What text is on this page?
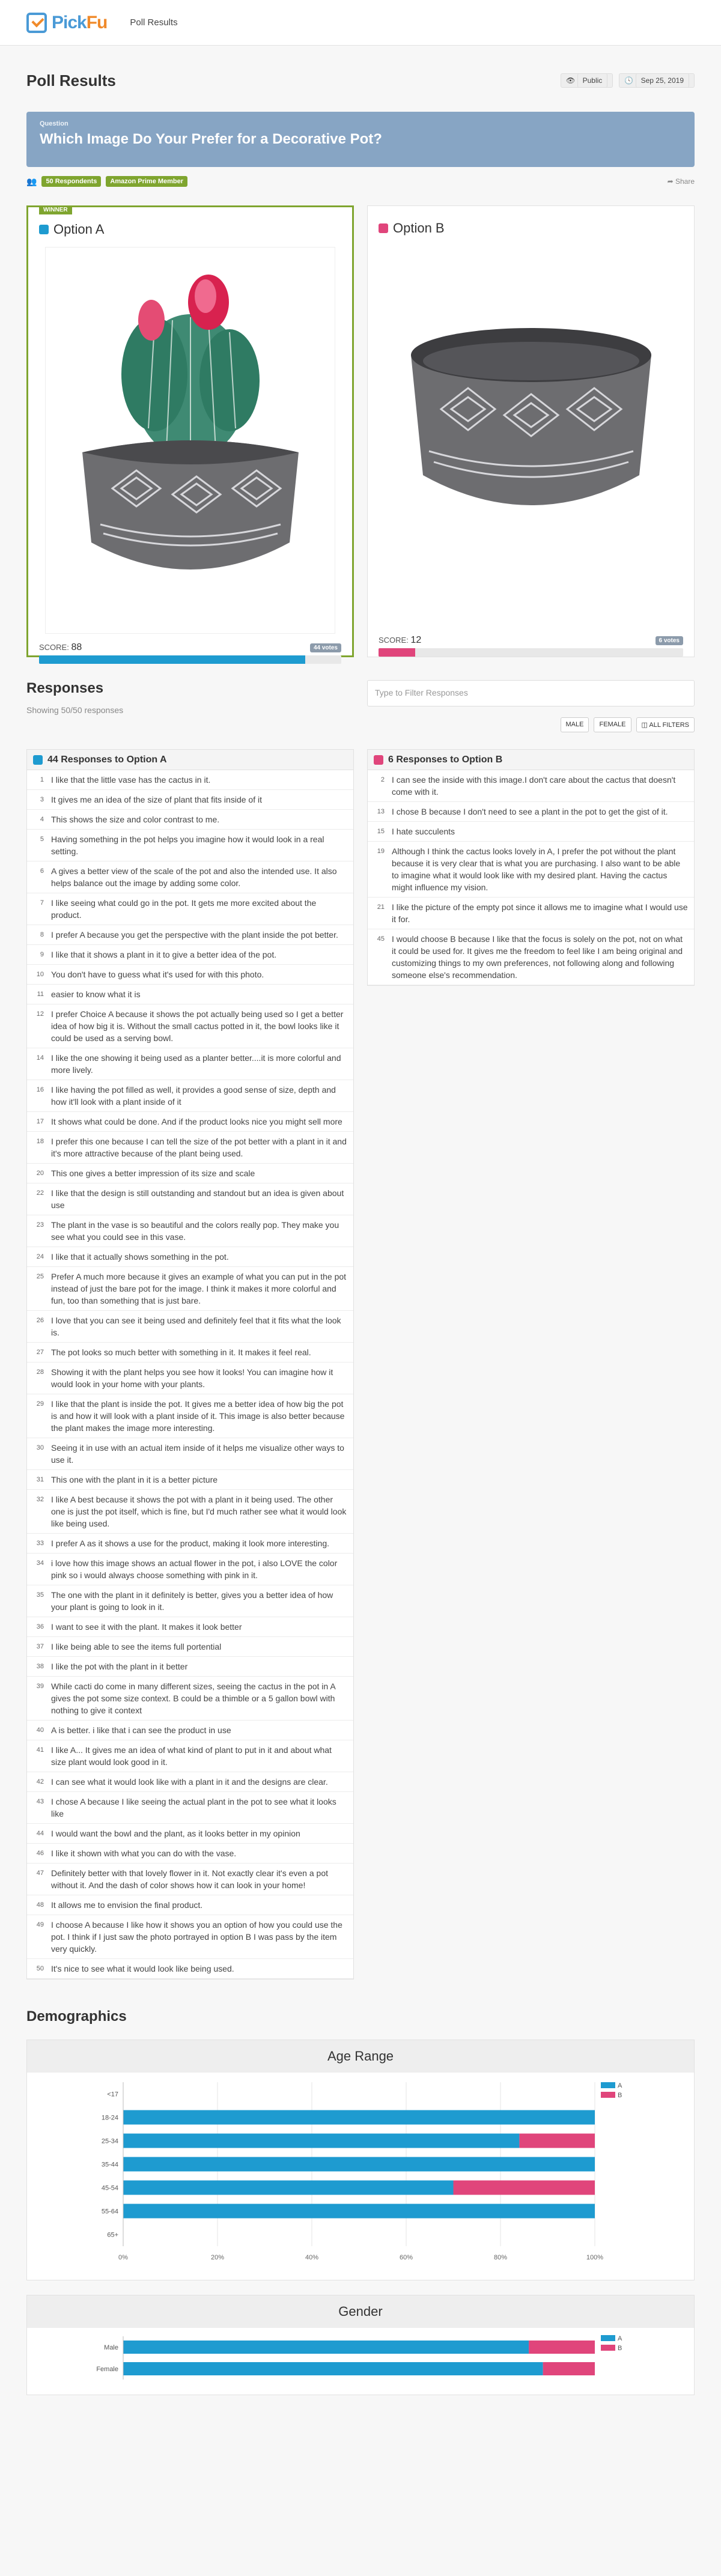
PickFu	Poll Results
Poll Results	👁 Public	🕓 Sep 25, 2019
Question
Which Image Do Your Prefer for a Decorative Pot?
👥	50 Respondents	Amazon Prime Member	➦ Share
WINNER
Option A
SCORE: 88	44 votes
Option B
SCORE: 12	6 votes
Responses
Showing 50/50 responses
Type to Filter Responses
MALE	FEMALE	◫ ALL FILTERS
44 Responses to Option A
1 I like that the little vase has the cactus in it.
3 It gives me an idea of the size of plant that fits inside of it
4 This shows the size and color contrast to me.
5 Having something in the pot helps you imagine how it would look in a real setting.
6 A gives a better view of the scale of the pot and also the intended use. It also helps balance out the image by adding some color.
7 I like seeing what could go in the pot. It gets me more excited about the product.
8 I prefer A because you get the perspective with the plant inside the pot better.
9 I like that it shows a plant in it to give a better idea of the pot.
10 You don't have to guess what it's used for with this photo.
11 easier to know what it is
12 I prefer Choice A because it shows the pot actually being used so I get a better idea of how big it is. Without the small cactus potted in it, the bowl looks like it could be used as a serving bowl.
14 I like the one showing it being used as a planter better....it is more colorful and more lively.
16 I like having the pot filled as well, it provides a good sense of size, depth and how it'll look with a plant inside of it
17 It shows what could be done. And if the product looks nice you might sell more
18 I prefer this one because I can tell the size of the pot better with a plant in it and it's more attractive because of the plant being used.
20 This one gives a better impression of its size and scale
22 I like that the design is still outstanding and standout but an idea is given about use
23 The plant in the vase is so beautiful and the colors really pop. They make you see what you could see in this vase.
24 I like that it actually shows something in the pot.
25 Prefer A much more because it gives an example of what you can put in the pot instead of just the bare pot for the image. I think it makes it more colorful and fun, too than something that is just bare.
26 I love that you can see it being used and definitely feel that it fits what the look is.
27 The pot looks so much better with something in it. It makes it feel real.
28 Showing it with the plant helps you see how it looks! You can imagine how it would look in your home with your plants.
29 I like that the plant is inside the pot. It gives me a better idea of how big the pot is and how it will look with a plant inside of it. This image is also better because the plant makes the image more interesting.
30 Seeing it in use with an actual item inside of it helps me visualize other ways to use it.
31 This one with the plant in it is a better picture
32 I like A best because it shows the pot with a plant in it being used. The other one is just the pot itself, which is fine, but I'd much rather see what it would look like being used.
33 I prefer A as it shows a use for the product, making it look more interesting.
34 i love how this image shows an actual flower in the pot, i also LOVE the color pink so i would always choose something with pink in it.
35 The one with the plant in it definitely is better, gives you a better idea of how your plant is going to look in it.
36 I want to see it with the plant. It makes it look better
37 I like being able to see the items full portential
38 I like the pot with the plant in it better
39 While cacti do come in many different sizes, seeing the cactus in the pot in A gives the pot some size context. B could be a thimble or a 5 gallon bowl with nothing to give it context
40 A is better. i like that i can see the product in use
41 I like A... It gives me an idea of what kind of plant to put in it and about what size plant would look good in it.
42 I can see what it would look like with a plant in it and the designs are clear.
43 I chose A because I like seeing the actual plant in the pot to see what it looks like
44 I would want the bowl and the plant, as it looks better in my opinion
46 I like it shown with what you can do with the vase.
47 Definitely better with that lovely flower in it. Not exactly clear it's even a pot without it. And the dash of color shows how it can look in your home!
48 It allows me to envision the final product.
49 I choose A because I like how it shows you an option of how you could use the pot. I think if I just saw the photo portrayed in option B I was pass by the item very quickly.
50 It's nice to see what it would look like being used.
6 Responses to Option B
2 I can see the inside with this image.I don't care about the cactus that doesn't come with it.
13 I chose B because I don't need to see a plant in the pot to get the gist of it.
15 I hate succulents
19 Although I think the cactus looks lovely in A, I prefer the pot without the plant because it is very clear that is what you are purchasing. I also want to be able to imagine what it would look like with my desired plant. Having the cactus might influence my vision.
21 I like the picture of the empty pot since it allows me to imagine what I would use it for.
45 I would choose B because I like that the focus is solely on the pot, not on what it could be used for. It gives me the freedom to feel like I am being original and customizing things to my own preferences, not following along and following someone else's recommendation.
Demographics
Age Range
0%	20%	40%	60%	80%	100%
<17
18-24
25-34
35-44
45-54
55-64
65+
A
B
Gender
Male
Female
A
B
